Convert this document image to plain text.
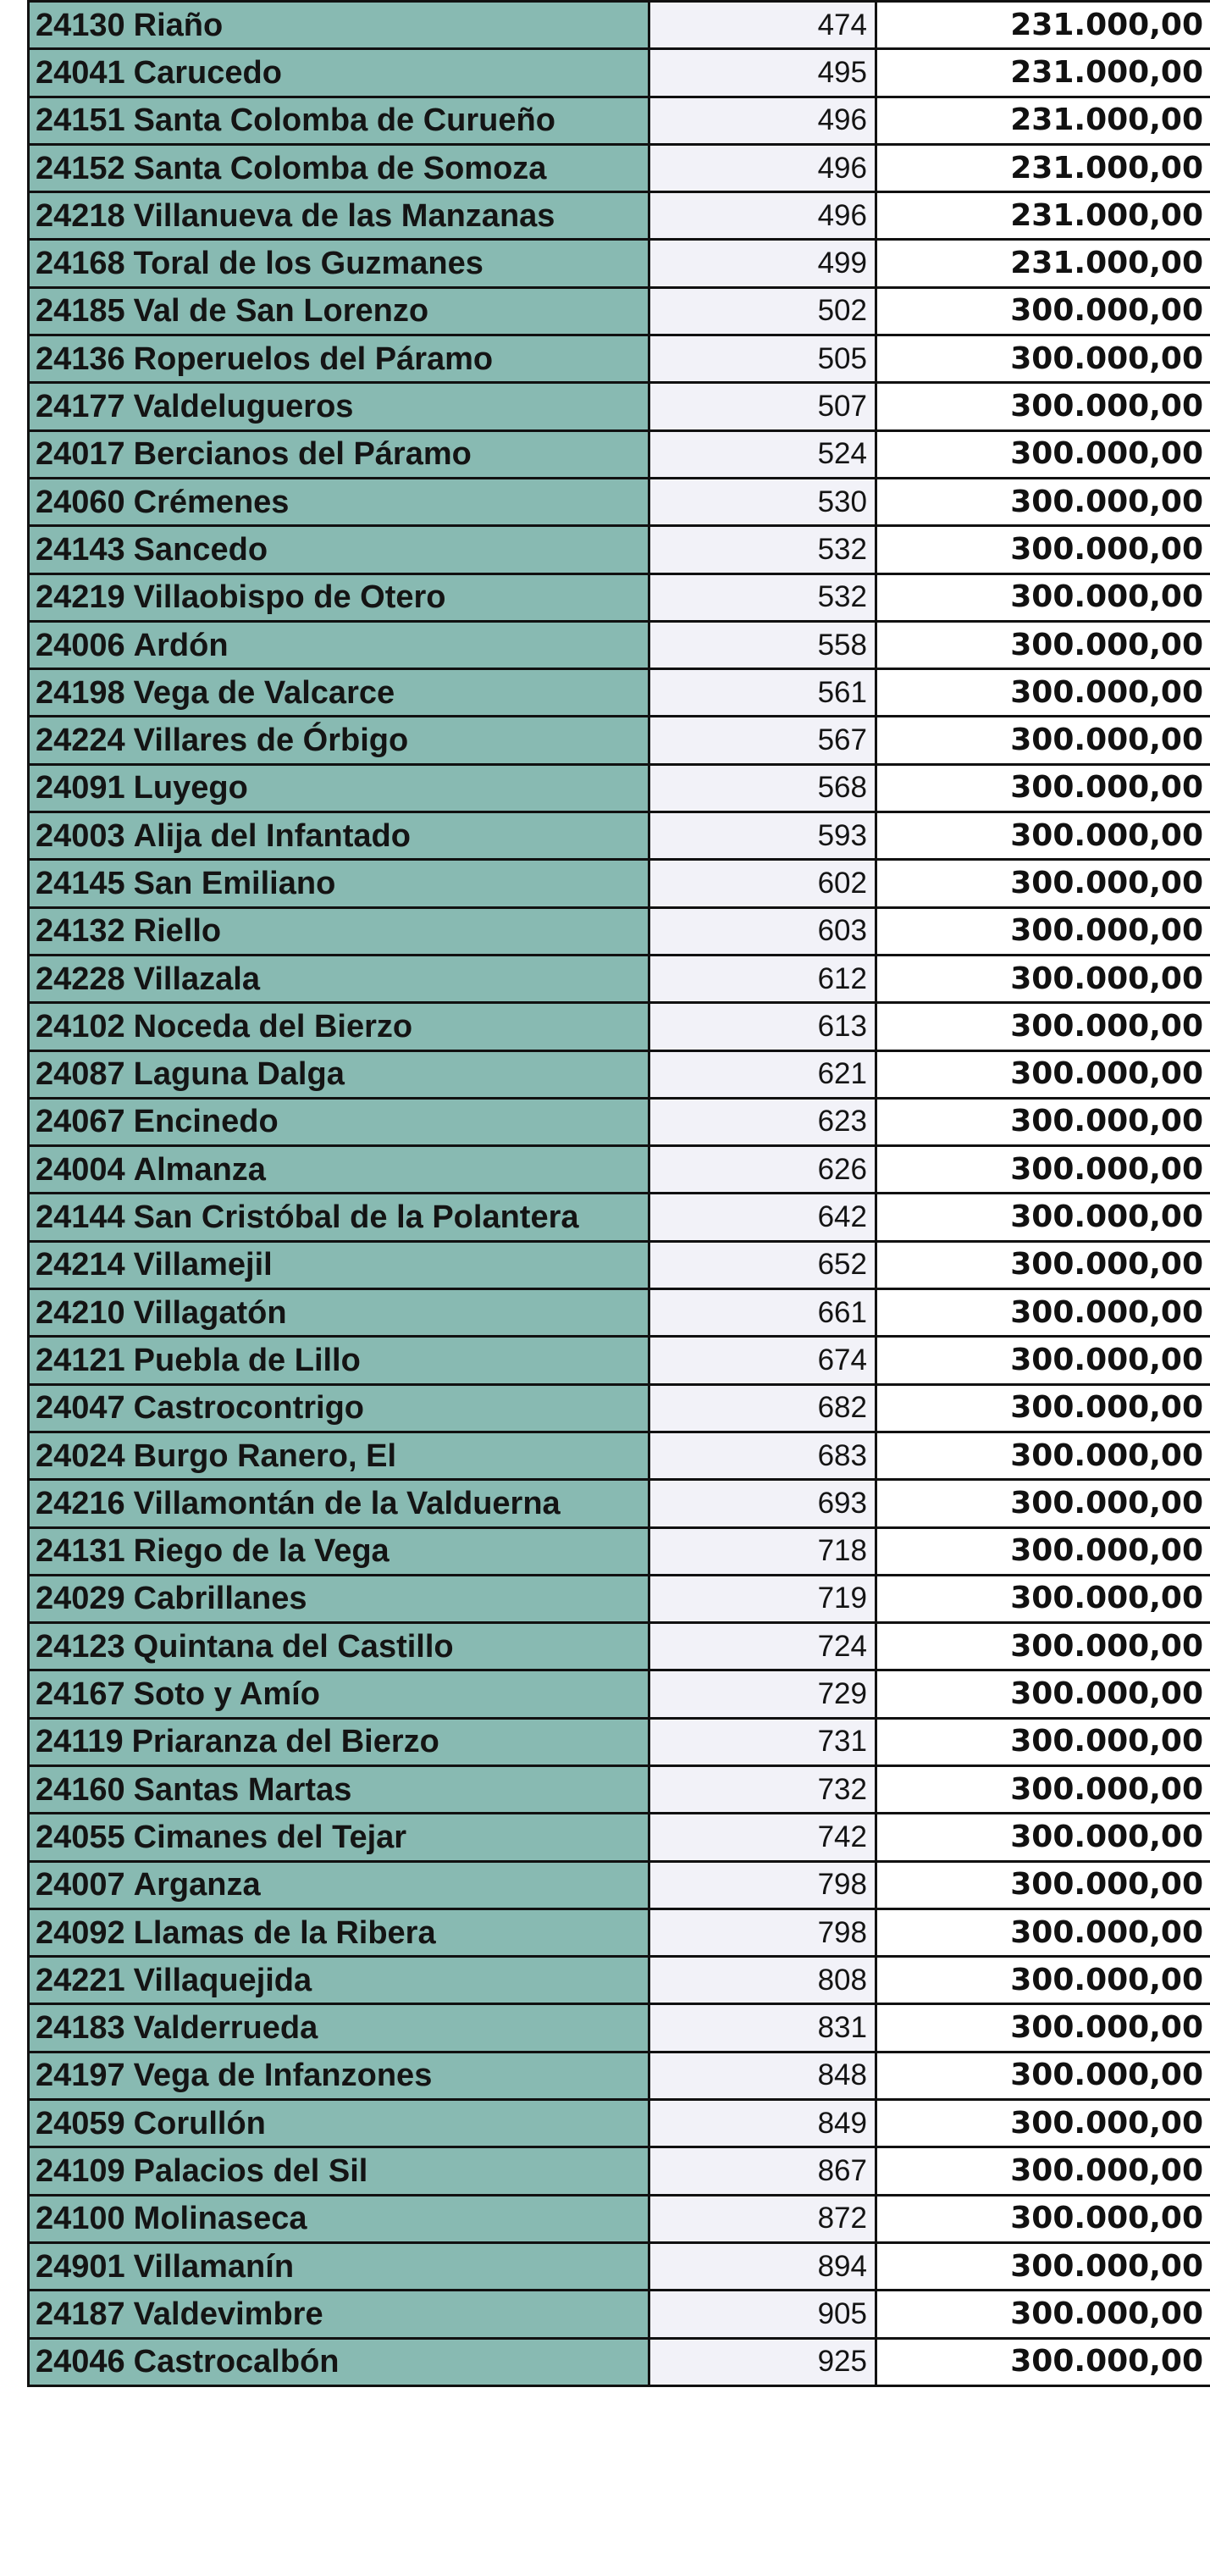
24130 Riaño	474	231.000,00

24041 Carucedo	495	231.000,00

24151 Santa Colomba de Curueño	496	231.000,00

24152 Santa Colomba de Somoza	496	231.000,00

24218 Villanueva de las Manzanas	496	231.000,00

24168 Toral de los Guzmanes	499	231.000,00

24185 Val de San Lorenzo	502	300.000,00

24136 Roperuelos del Páramo	505	300.000,00

24177 Valdelugueros	507	300.000,00

24017 Bercianos del Páramo	524	300.000,00

24060 Crémenes	530	300.000,00

24143 Sancedo	532	300.000,00

24219 Villaobispo de Otero	532	300.000,00

24006 Ardón	558	300.000,00

24198 Vega de Valcarce	561	300.000,00

24224 Villares de Órbigo	567	300.000,00

24091 Luyego	568	300.000,00

24003 Alija del Infantado	593	300.000,00

24145 San Emiliano	602	300.000,00

24132 Riello	603	300.000,00

24228 Villazala	612	300.000,00

24102 Noceda del Bierzo	613	300.000,00

24087 Laguna Dalga	621	300.000,00

24067 Encinedo	623	300.000,00

24004 Almanza	626	300.000,00

24144 San Cristóbal de la Polantera	642	300.000,00

24214 Villamejil	652	300.000,00

24210 Villagatón	661	300.000,00

24121 Puebla de Lillo	674	300.000,00

24047 Castrocontrigo	682	300.000,00

24024 Burgo Ranero, El	683	300.000,00

24216 Villamontán de la Valduerna	693	300.000,00

24131 Riego de la Vega	718	300.000,00

24029 Cabrillanes	719	300.000,00

24123 Quintana del Castillo	724	300.000,00

24167 Soto y Amío	729	300.000,00

24119 Priaranza del Bierzo	731	300.000,00

24160 Santas Martas	732	300.000,00

24055 Cimanes del Tejar	742	300.000,00

24007 Arganza	798	300.000,00

24092 Llamas de la Ribera	798	300.000,00

24221 Villaquejida	808	300.000,00

24183 Valderrueda	831	300.000,00

24197 Vega de Infanzones	848	300.000,00

24059 Corullón	849	300.000,00

24109 Palacios del Sil	867	300.000,00

24100 Molinaseca	872	300.000,00

24901 Villamanín	894	300.000,00

24187 Valdevimbre	905	300.000,00

24046 Castrocalbón	925	300.000,00
